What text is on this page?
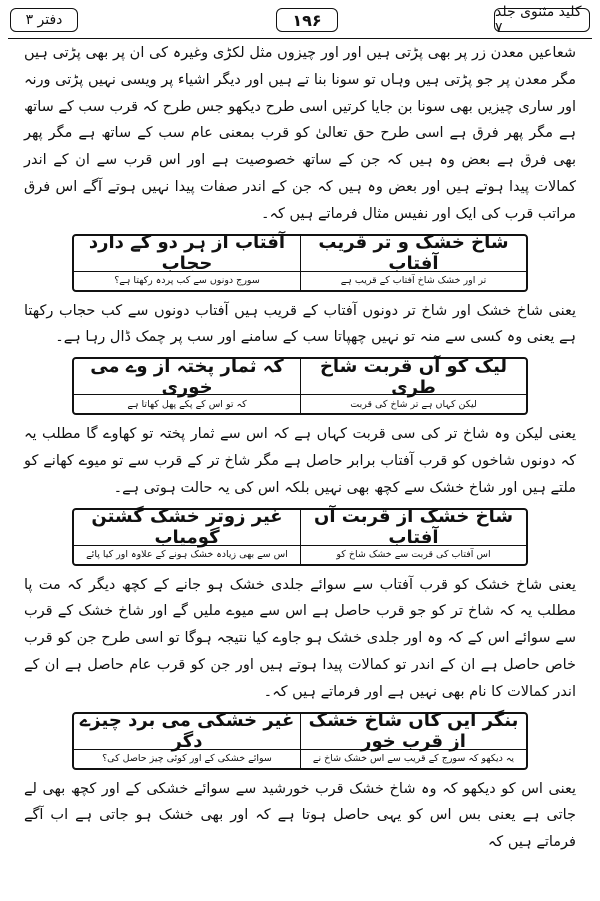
کلید مثنوی جلد ۷
۱۹۶
دفتر ۳

شعاعیں معدن زر پر بھی پڑتی ہیں اور اور چیزوں مثل لکڑی وغیرہ کی ان پر بھی پڑتی ہیں مگر معدن پر جو پڑتی ہیں وہاں تو سونا بنا تے ہیں اور دیگر اشیاء پر ویسی نہیں پڑتی ورنہ اور ساری چیزیں بھی سونا بن جایا کرتیں اسی طرح دیکھو جس طرح کہ قرب سب کے ساتھ ہے مگر پھر فرق ہے اسی طرح حق تعالیٰ کو قرب بمعنی عام سب کے ساتھ ہے مگر پھر بھی فرق ہے بعض وہ ہیں کہ جن کے ساتھ خصوصیت ہے اور اس قرب سے ان کے اندر کمالات پیدا ہوتے ہیں اور بعض وہ ہیں کہ جن کے اندر صفات پیدا نہیں ہوتے آگے اس فرق مراتب قرب کی ایک اور نفیس مثال فرماتے ہیں کہ۔

شاخ خشک و تر قریب آفتاب
آفتاب از ہر دو کے دارد حجاب
تر اور خشک شاخ آفتاب کے قریب ہے
سورج دونوں سے کب پردہ رکھتا ہے؟

یعنی شاخ خشک اور شاخ تر دونوں آفتاب کے قریب ہیں آفتاب دونوں سے کب حجاب رکھتا ہے یعنی وہ کسی سے منہ تو نہیں چھپاتا سب کے سامنے اور سب پر چمک ڈال رہا ہے۔

لیک کو آں قربت شاخ طری
کہ ثمار پختہ از وے می خوری
لیکن کہاں ہے تر شاخ کی قربت
کہ تو اس کے پکے پھل کھاتا ہے

یعنی لیکن وہ شاخ تر کی سی قربت کہاں ہے کہ اس سے ثمار پختہ تو کھاوے گا مطلب یہ کہ دونوں شاخوں کو قرب آفتاب برابر حاصل ہے مگر شاخ تر کے قرب سے تو میوے کھانے کو ملتے ہیں اور شاخ خشک سے کچھ بھی نہیں بلکہ اس کی یہ حالت ہوتی ہے۔

شاخ خشک از قربت آں آفتاب
غیر زوتر خشک گشتن گومیاب
اس آفتاب کی قربت سے خشک شاخ کو
اس سے بھی زیادہ خشک ہونے کے علاوہ اور کیا پائے

یعنی شاخ خشک کو قرب آفتاب سے سوائے جلدی خشک ہو جانے کے کچھ دیگر کہ مت پا مطلب یہ کہ شاخ تر کو جو قرب حاصل ہے اس سے میوے ملیں گے اور شاخ خشک کے قرب سے سوائے اس کے کہ وہ اور جلدی خشک ہو جاوے کیا نتیجہ ہوگا تو اسی طرح جن کو قرب خاص حاصل ہے ان کے اندر تو کمالات پیدا ہوتے ہیں اور جن کو قرب عام حاصل ہے ان کے اندر کمالات کا نام بھی نہیں ہے اور فرماتے ہیں کہ۔

بنگر ایں کاں شاخ خشک از قرب خور
غیر خشکی می برد چیزے دگر
یہ دیکھو کہ سورج کے قریب سے اس خشک شاخ نے
سوائے خشکی کے اور کوئی چیز حاصل کی؟

یعنی اس کو دیکھو کہ وہ شاخ خشک قرب خورشید سے سوائے خشکی کے اور کچھ بھی لے جاتی ہے یعنی بس اس کو یہی حاصل ہوتا ہے کہ اور بھی خشک ہو جاتی ہے اب آگے فرماتے ہیں کہ
